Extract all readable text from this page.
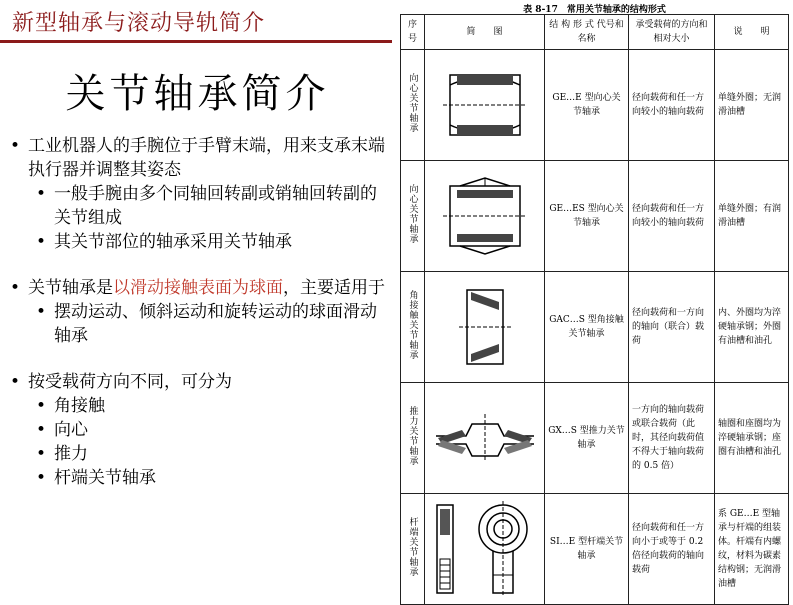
新型轴承与滚动导轨简介
关节轴承简介
• 工业机器人的手腕位于手臂末端，用来支承末端执行器并调整其姿态
• 一般手腕由多个同轴回转副或销轴回转副的关节组成
• 其关节部位的轴承采用关节轴承
• 关节轴承是以滑动接触表面为球面，主要适用于
• 摆动运动、倾斜运动和旋转运动的球面滑动轴承
• 按受载荷方向不同，可分为
• 角接触
• 向心
• 推力
• 杆端关节轴承
表 8-17　常用关节轴承的结构形式
序号	简　　图	结 构 形 式 代号和名称	承受载荷的方向和相对大小	说　　明
向心关节轴承		GE…E 型向心关节轴承	径向载荷和任一方向较小的轴向载荷	单缝外圈；无润滑油槽
向心关节轴承		GE…ES 型向心关节轴承	径向载荷和任一方向较小的轴向载荷	单缝外圈；有润滑油槽
角接触关节轴承		GAC…S 型角接触关节轴承	径向载荷和一方向的轴向（联合）载荷	内、外圈均为淬硬轴承钢；外圈有油槽和油孔
推力关节轴承		GX…S 型推力关节轴承	一方向的轴向载荷或联合载荷（此时，其径向载荷值不得大于轴向载荷的 0.5 倍）	轴圈和座圈均为淬硬轴承钢；座圈有油槽和油孔
杆端关节轴承		SI…E 型杆端关节轴承	径向载荷和任一方向小于或等于 0.2 倍径向载荷的轴向载荷	系 GE…E 型轴承与杆端的组装体。杆端有内螺纹，材料为碳素结构钢；无润滑油槽
